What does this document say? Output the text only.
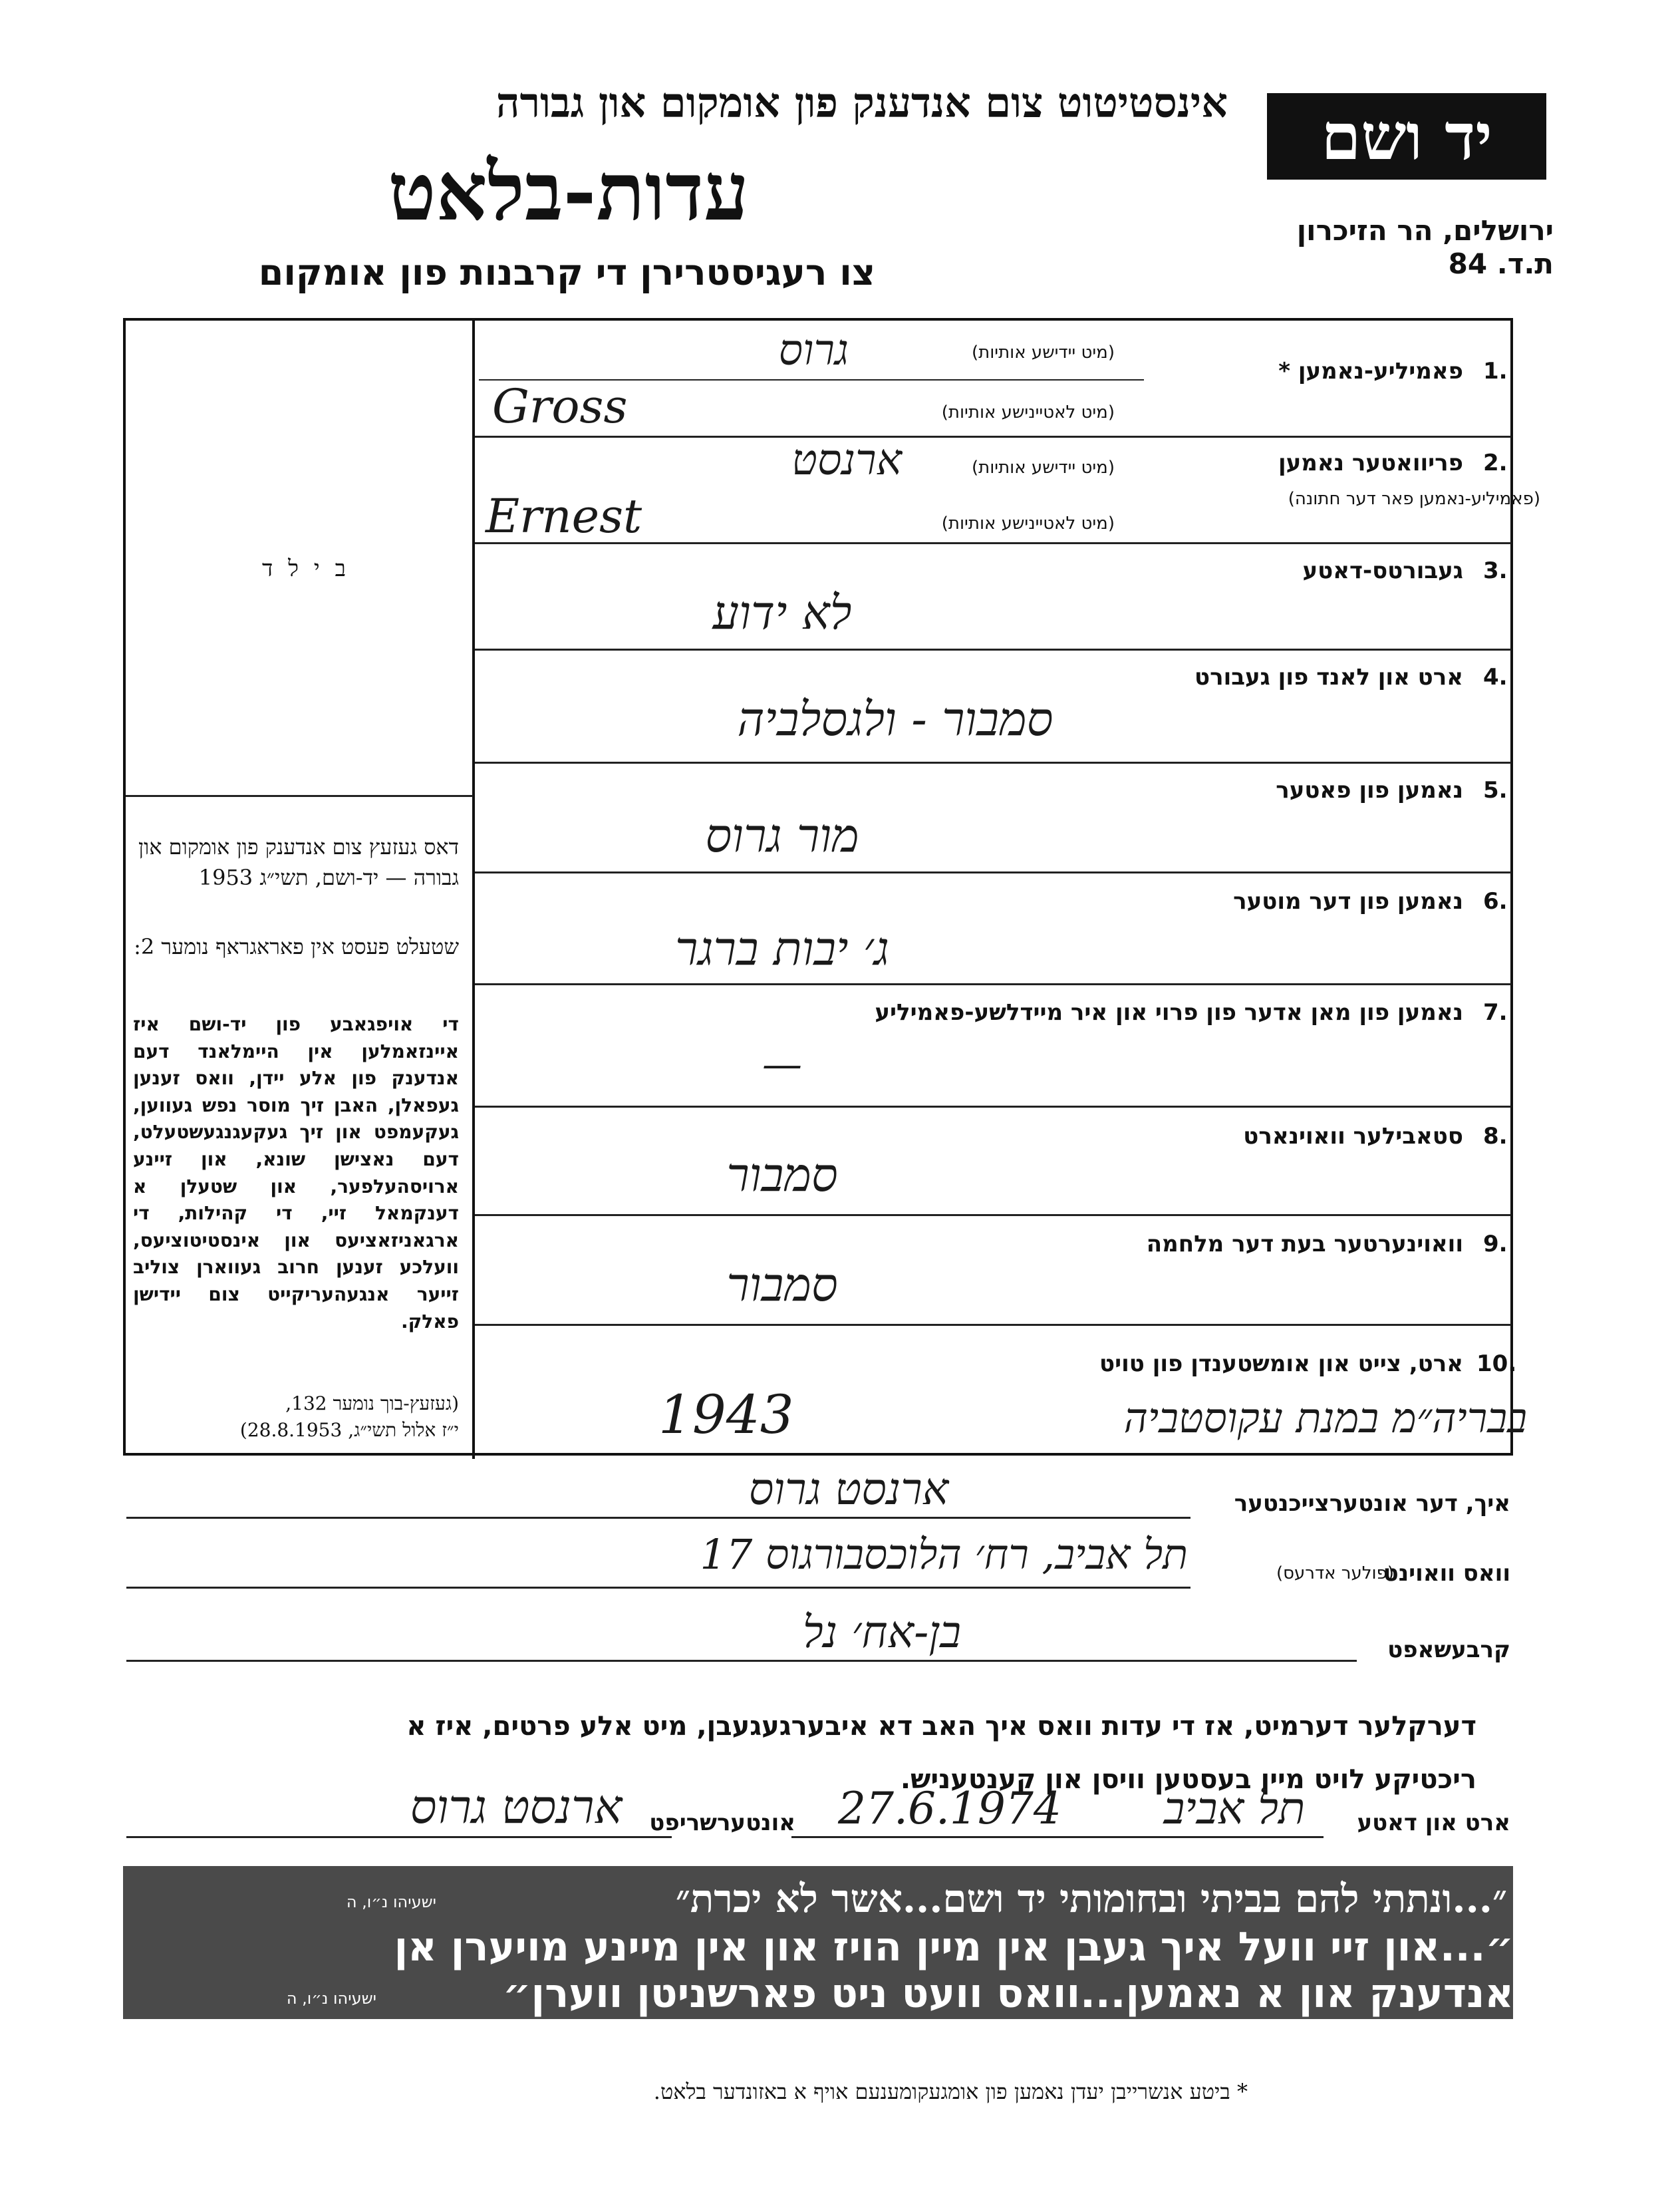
אינסטיטוט צום אנדענק פון אומקום און גבורה
עדות-בלאט
צו רעגיסטרירן די קרבנות פון אומקום
יד ושם
ירושלים, הר הזיכרון
ת.ד. 84
ב י ל ד
דאס געזעץ צום אנדענק פון אומקום און גבורה — יד-ושם, תשי״ג 1953
שטעלט פעסט אין פאראגראף נומער 2:
די אויפגאבע פון יד-ושם איז איינזאמלען אין היימלאנד דעם אנדענק פון אלע יידן, וואס זענען געפאלן, האבן זיך מוסר נפש געווען, געקעמפט און זיך געקעגנגעשטעלט, דעם נאצישן שונא, און זיינע ארויסהעלפער, און שטעלן א דענקמאל זיי, די קהילות, די ארגאניזאציעס און אינסטיטוציעס, וועלכע זענען חרוב געווארן צוליב זייער אנגעהעריקייט צום יידישן פאלק.
(געזעץ-בוך נומער 132,
י״ז אלול תשי״ג, 28.8.1953)
1.
פאמיליע-נאמען *
(מיט יידישע אותיות)
גרוס
(מיט לאטיינישע אותיות)
Gross
2.
פריוואטער נאמען
(פאמיליע-נאמען פאר דער חתונה)
(מיט יידישע אותיות)
ארנסט
(מיט לאטיינישע אותיות)
Ernest
3.
געבורטס-דאטע
לא ידוע
4.
ארט און לאנד פון געבורט
סמבור - ולגסלביה
5.
נאמען פון פאטער
מור גרוס
6.
נאמען פון דער מוטער
ג׳ יבות ברגר
7.
נאמען פון מאן אדער פון פרוי און איר מיידלשע-פאמיליע
—
8.
סטאבילער וואוינארט
סמבור
9.
וואוינערטער בעת דער מלחמה
סמבור
10.
ארט, צייט און אומשטענדן פון טויט
1943	בבריה״מ במנת עקוסטביה
איך, דער אונטערצייכנטער
ארנסט גרוס
וואס וואוינט
(פולער אדרעס)
תל אביב, רח׳ הלוכסבורגוס 17
קרבעשאפט
בן-אח׳ נל
דערקלער דערמיט, אז די עדות וואס איך האב דא איבערגעגעבן, מיט אלע פרטים, איז א ריכטיקע לויט מיין בעסטען וויסן און קענטעניש.
ארט און דאטע
תל אביב
27.6.1974
אונטערשריפט
ארנסט גרוס
״...ונתתי להם בביתי ובחומותי יד ושם...אשר לא יכרת״
ישעיהו נ״ו, ה
״...און זיי וועל איך געבן אין מיין הויז און אין מיינע מויערן אן
אנדענק און א נאמען...וואס וועט ניט פארשניטן ווערן״
ישעיהו נ״ו, ה
* ביטע אנשרייבן יעדן נאמען פון אומגעקומענעם אויף א באזונדער בלאט.
